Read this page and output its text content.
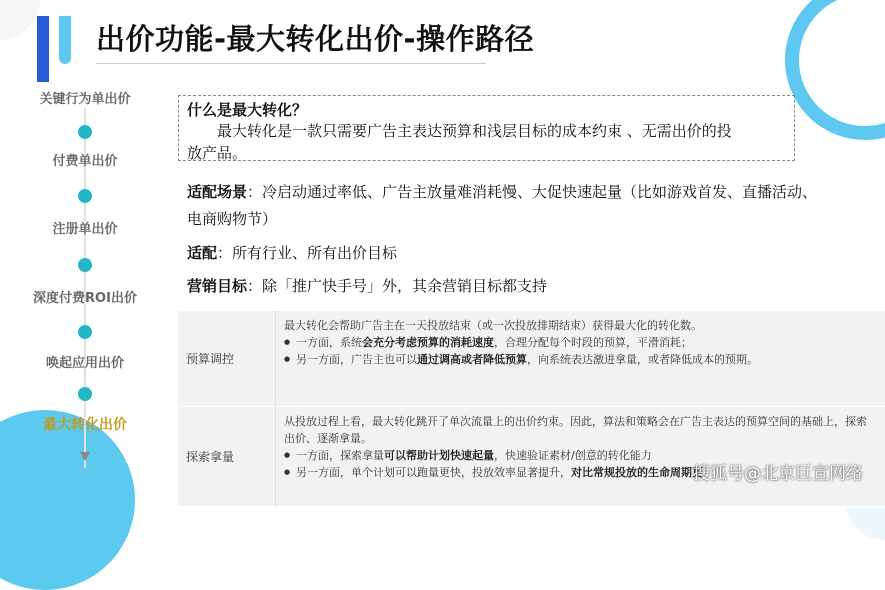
出价功能-最大转化出价-操作路径
关键行为单出价
付费单出价
注册单出价
深度付费ROI出价
唤起应用出价
最大转化出价
什么是最大转化？
最大转化是一款只需要广告主表达预算和浅层目标的成本约束 、无需出价的投
放产品。
适配场景：冷启动通过率低、广告主放量难消耗慢、大促快速起量（比如游戏首发、直播活动、
电商购物节）
适配：所有行业、所有出价目标
营销目标：除「推广快手号」外，其余营销目标都支持
预算调控
最大转化会帮助广告主在一天投放结束（或一次投放排期结束）获得最大化的转化数。
● 一方面，系统会充分考虑预算的消耗速度，合理分配每个时段的预算，平滑消耗；
● 另一方面，广告主也可以通过调高或者降低预算，向系统表达激进拿量，或者降低成本的预期。
探索拿量
从投放过程上看，最大转化跳开了单次流量上的出价约束。因此，算法和策略会在广告主表达的预算空间的基础上，探索出价、逐渐拿量。
● 一方面，探索拿量可以帮助计划快速起量，快速验证素材/创意的转化能力
● 另一方面，单个计划可以跑量更快，投放效率显著提升，对比常规投放的生命周期更
搜狐号@北京巨宣网络
